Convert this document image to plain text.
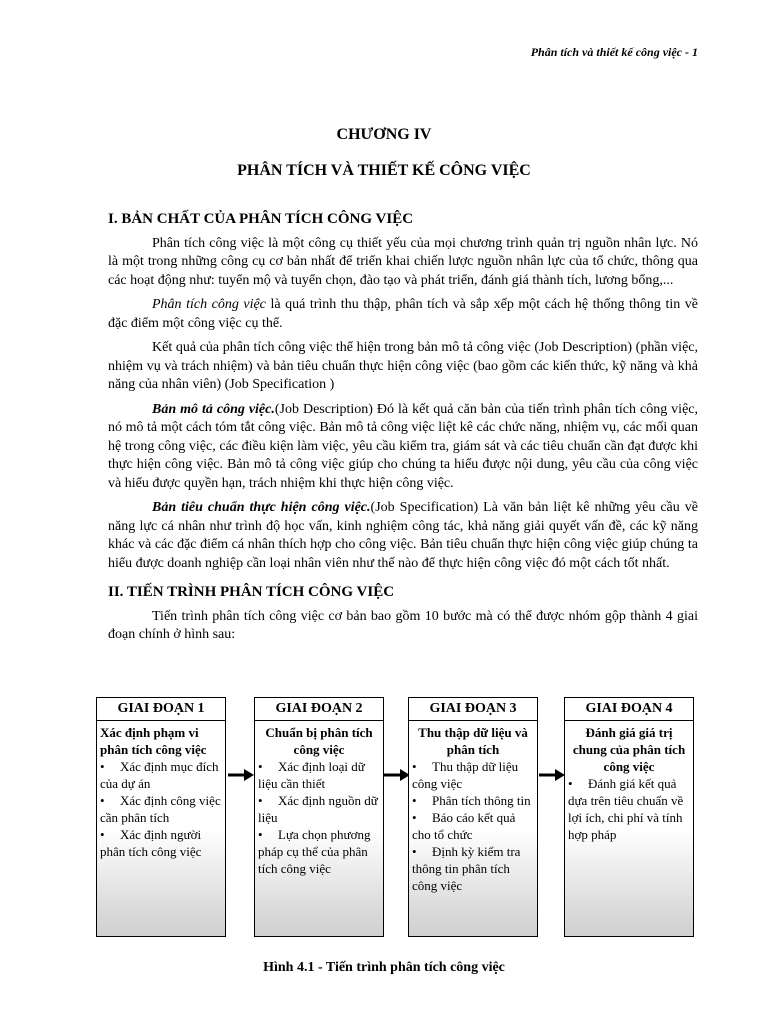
Phân tích và thiết kế công việc - 1
CHƯƠNG IV
PHÂN TÍCH VÀ THIẾT KẾ CÔNG VIỆC
I. BẢN CHẤT CỦA PHÂN TÍCH CÔNG VIỆC

Phân tích công việc là một công cụ thiết yếu của mọi chương trình quản trị nguồn nhân lực. Nó là một trong những công cụ cơ bản nhất để triển khai chiến lược nguồn nhân lực của tổ chức, thông qua các hoạt động như: tuyển mộ và tuyển chọn, đào tạo và phát triển, đánh giá thành tích, lương bổng,...

Phân tích công việc là quá trình thu thập, phân tích và sắp xếp một cách hệ thống thông tin về đặc điểm một công việc cụ thể.

Kết quả của phân tích công việc thể hiện trong bản mô tả công việc (Job Description) (phần việc, nhiệm vụ và trách nhiệm) và bản tiêu chuẩn thực hiện công việc (bao gồm các kiến thức, kỹ năng và khả năng của nhân viên) (Job Specification )

Bản mô tả công việc.(Job Description) Đó là kết quả căn bản của tiến trình phân tích công việc, nó mô tả một cách tóm tắt công việc. Bản mô tả công việc liệt kê các chức năng, nhiệm vụ, các mối quan hệ trong công việc, các điều kiện làm việc, yêu cầu kiểm tra, giám sát và các tiêu chuẩn cần đạt được khi thực hiện công việc. Bản mô tả công việc giúp cho chúng ta hiểu được nội dung, yêu cầu của công việc và hiểu được quyền hạn, trách nhiệm khi thực hiện công việc.

Bản tiêu chuẩn thực hiện công việc.(Job Specification) Là văn bản liệt kê những yêu cầu về năng lực cá nhân như trình độ học vấn, kinh nghiệm công tác, khả năng giải quyết vấn đề, các kỹ năng khác và các đặc điểm cá nhân thích hợp cho công việc. Bản tiêu chuẩn thực hiện công việc giúp chúng ta hiểu được doanh nghiệp cần loại nhân viên như thế nào để thực hiện công việc đó một cách tốt nhất.

II. TIẾN TRÌNH PHÂN TÍCH CÔNG VIỆC

Tiến trình phân tích công việc cơ bản bao gồm 10 bước mà có thể được nhóm gộp thành 4 giai đoạn chính ở hình sau:

GIAI ĐOẠN 1
Xác định phạm vi phân tích công việc
• Xác định mục đích của dự án
• Xác định công việc cần phân tích
• Xác định người phân tích công việc
GIAI ĐOẠN 2
Chuẩn bị phân tích công việc
• Xác định loại dữ liệu cần thiết
• Xác định nguồn dữ liệu
• Lựa chọn phương pháp cụ thể của phân tích công việc
GIAI ĐOẠN 3
Thu thập dữ liệu và phân tích
• Thu thập dữ liệu công việc
• Phân tích thông tin
• Báo cáo kết quả cho tổ chức
• Định kỳ kiểm tra thông tin phân tích công việc
GIAI ĐOẠN 4
Đánh giá giá trị chung của phân tích công việc
• Đánh giá kết quả dựa trên tiêu chuẩn về lợi ích, chi phí và tính hợp pháp
Hình 4.1 - Tiến trình phân tích công việc
